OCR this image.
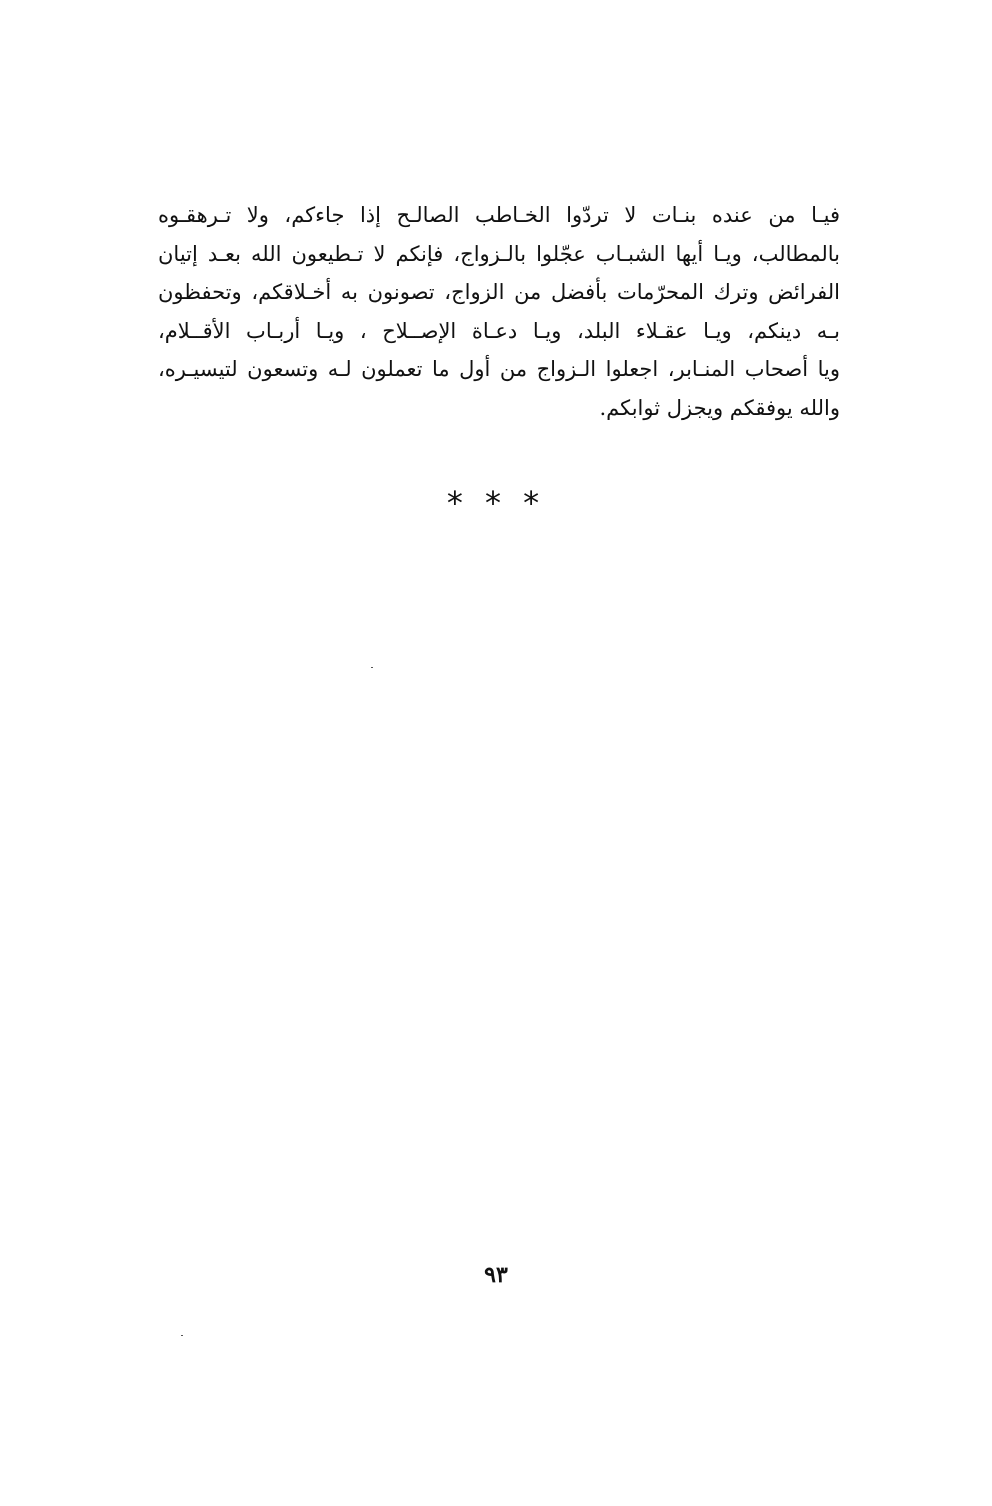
فيـا من عنده بنـات لا تردّوا الخـاطب الصالـح إذا جاءكم، ولا تـرهقـوه
بالمطالب، ويـا أيها الشبـاب عجّلوا بالـزواج، فإنكم لا تـطيعون الله بعـد إتيان
الفرائض وترك المحرّمات بأفضل من الزواج، تصونون به أخـلاقكم، وتحفظون
بـه دينكم، ويـا عقـلاء البلد، ويـا دعـاة الإصــلاح ، ويـا أربـاب الأقــلام،
ويا أصحاب المنـابر، اجعلوا الـزواج من أول ما تعملون لـه وتسعون لتيسيـره،
والله يوفقكم ويجزل ثوابكم.
* * *
٩٣
